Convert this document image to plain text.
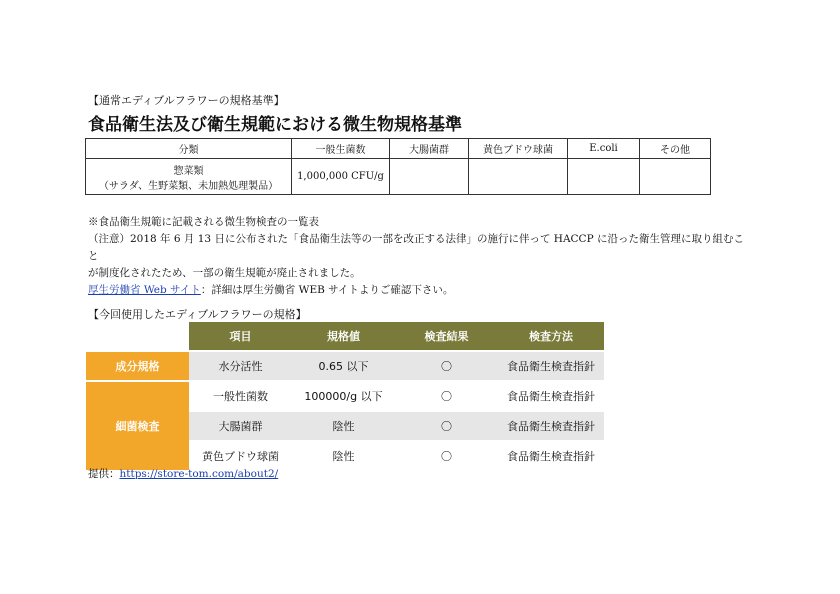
【通常エディブルフラワーの規格基準】
食品衛生法及び衛生規範における微生物規格基準
分類	一般生菌数	大腸菌群	黄色ブドウ球菌	E.coli	その他

惣菜類
（サラダ、生野菜類、未加熱処理製品）	1,000,000 CFU/g				
※食品衛生規範に記載される微生物検査の一覧表
（注意）2018 年 6 月 13 日に公布された「食品衛生法等の一部を改正する法律」の施行に伴って HACCP に沿った衛生管理に取り組むこと
が制度化されたため、一部の衛生規範が廃止されました。
厚生労働省 Web サイト：詳細は厚生労働省 WEB サイトよりご確認下さい。
【今回使用したエディブルフラワーの規格】
	項目	規格値	検査結果	検査方法
成分規格	水分活性	0.65 以下	〇	食品衛生検査指針
細菌検査	一般性菌数	100000/g 以下	〇	食品衛生検査指針
	大腸菌群	陰性	〇	食品衛生検査指針
	黄色ブドウ球菌	陰性	〇	食品衛生検査指針
提供：https://store-tom.com/about2/
